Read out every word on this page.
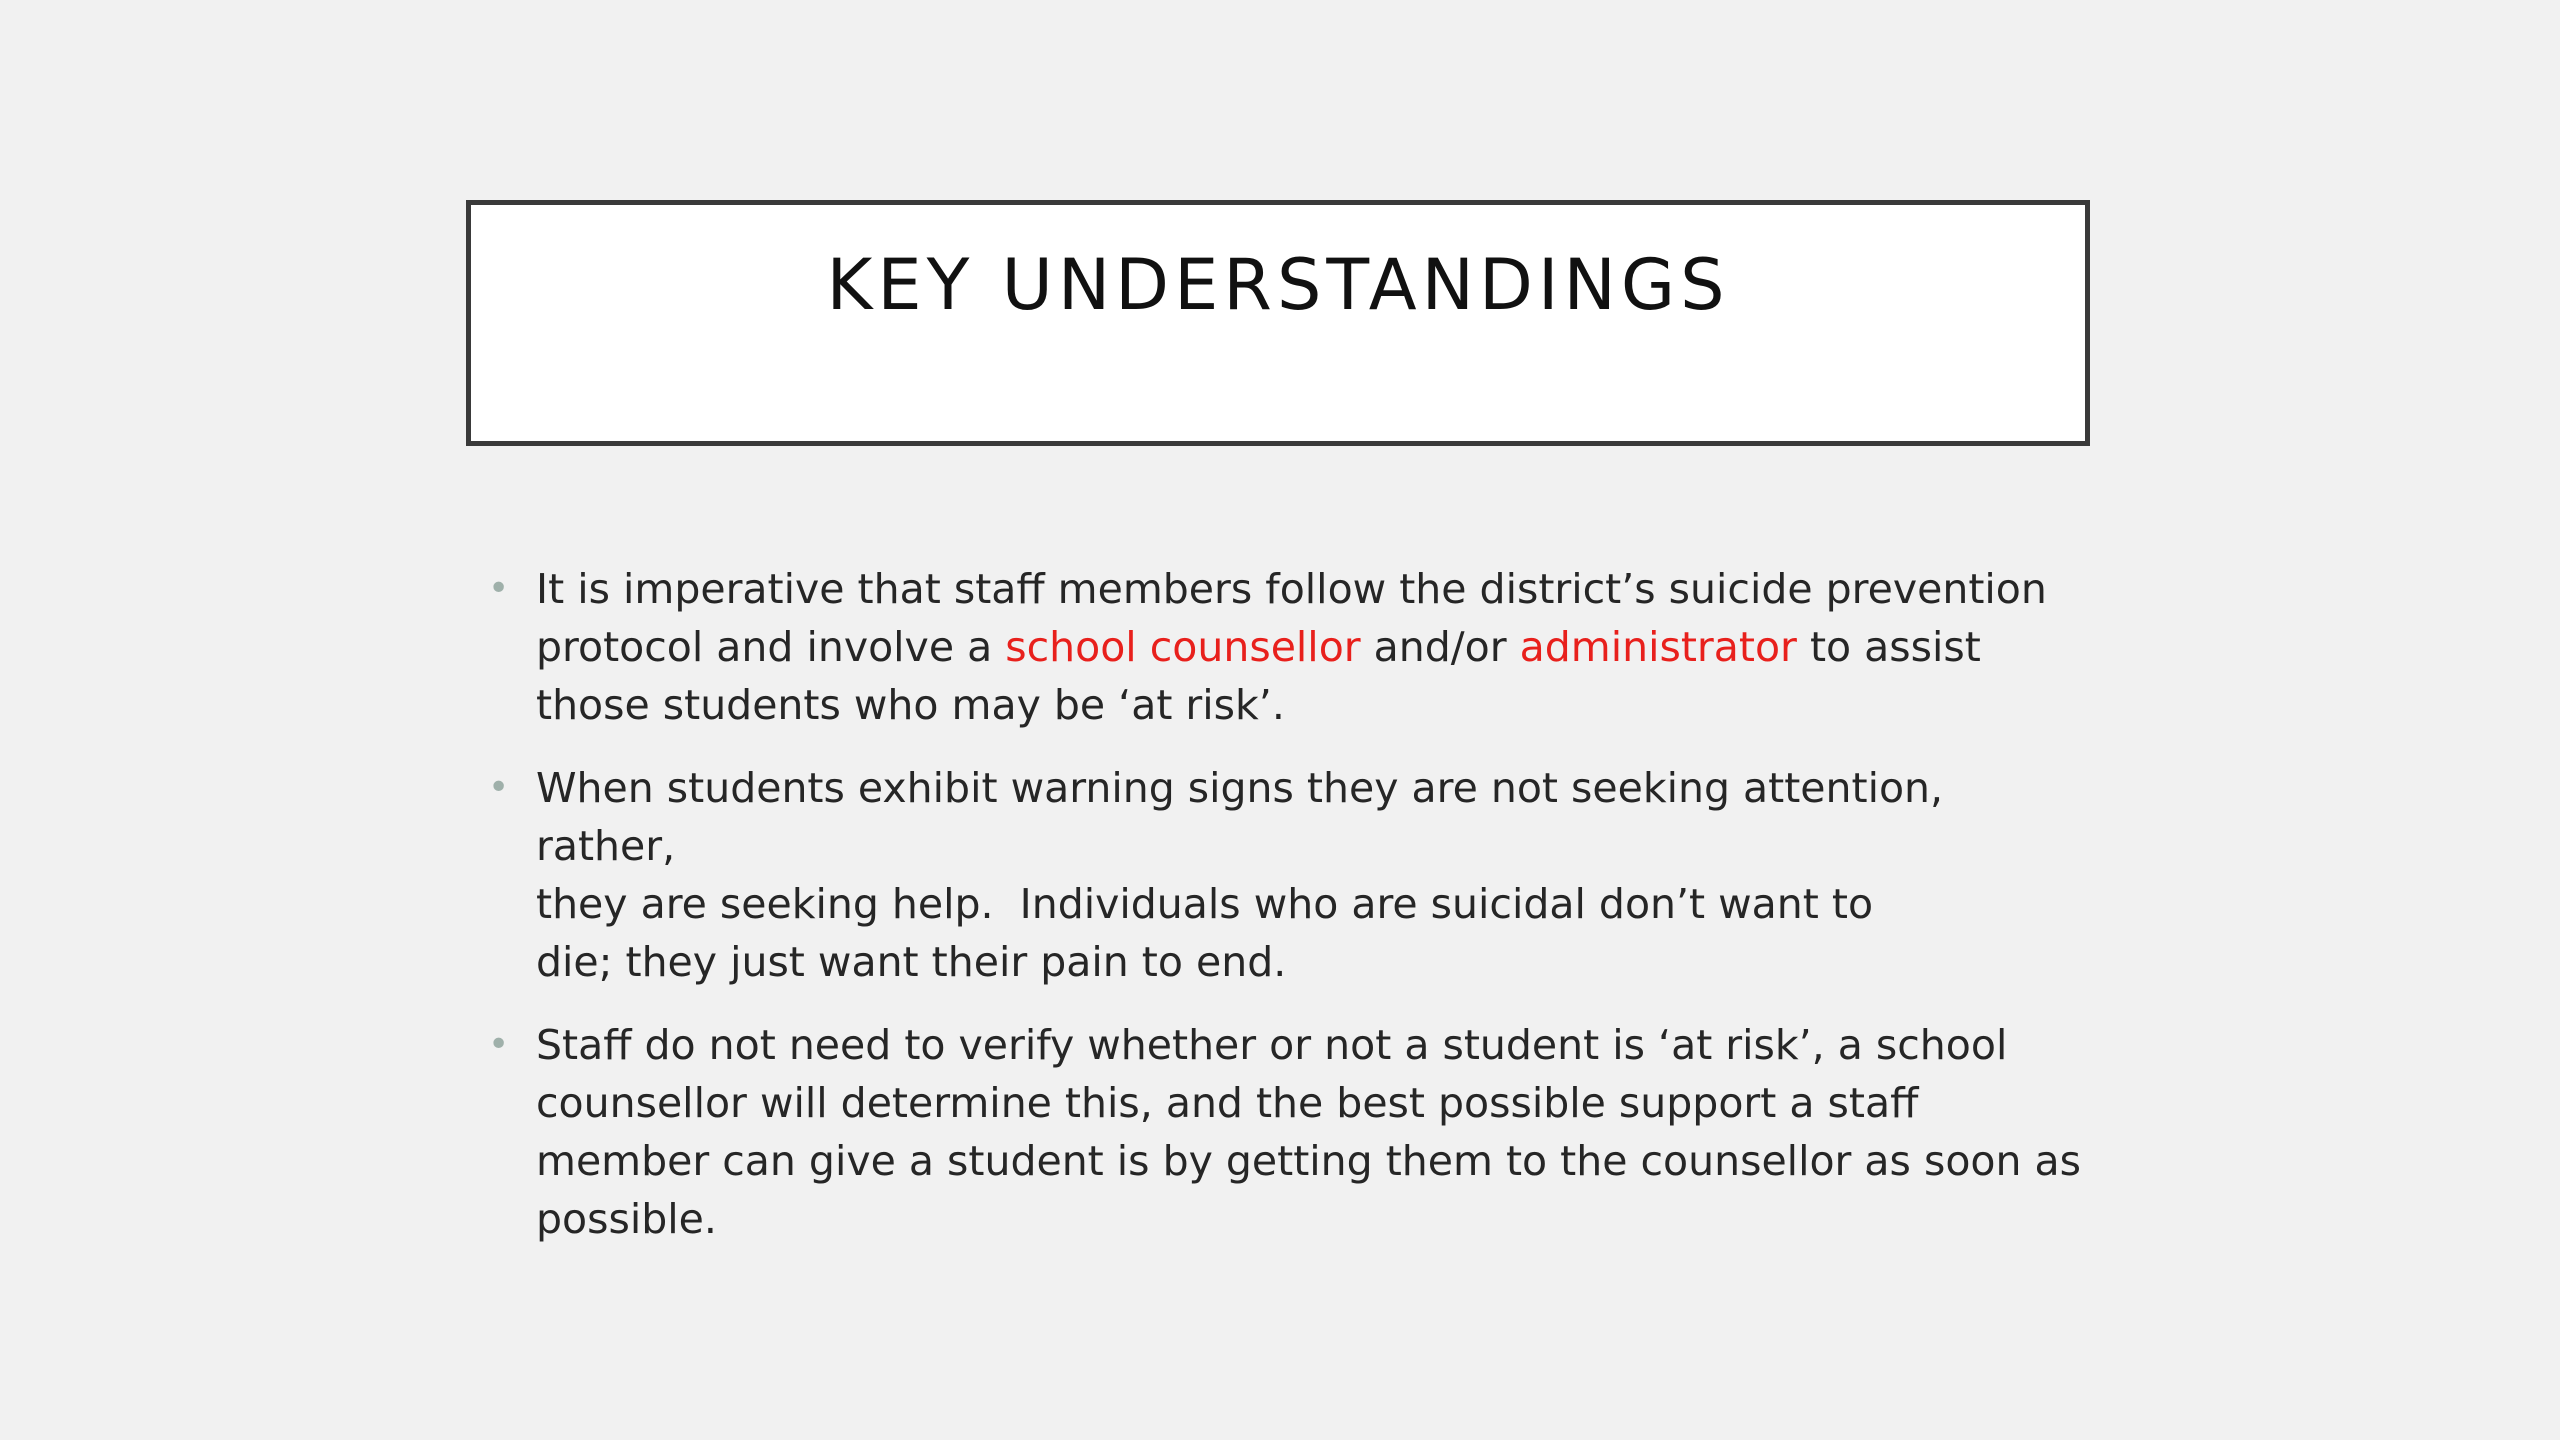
KEY UNDERSTANDINGS
• It is imperative that staff members follow the district’s suicide prevention protocol and involve a school counsellor and/or administrator to assist those students who may be ‘at risk’.
• When students exhibit warning signs they are not seeking attention, rather,
they are seeking help.  Individuals who are suicidal don’t want to
die; they just want their pain to end.
• Staff do not need to verify whether or not a student is ‘at risk’, a school counsellor will determine this, and the best possible support a staff member can give a student is by getting them to the counsellor as soon as possible.
